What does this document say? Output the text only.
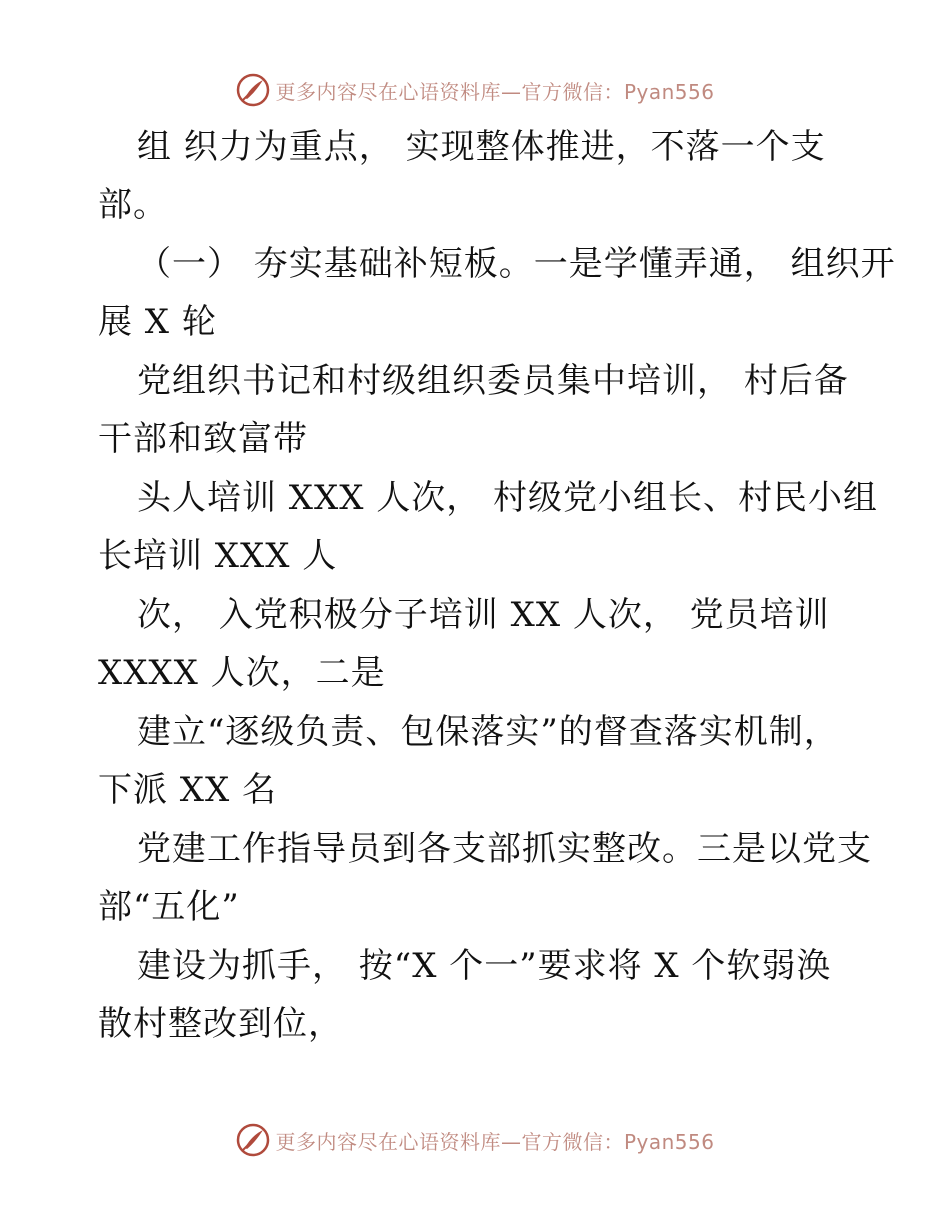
更多内容尽在心语资料库—官方微信：Pyan556
组 织力为重点， 实现整体推进，不落一个支
部。
（一） 夯实基础补短板。一是学懂弄通， 组织开
展 X 轮
党组织书记和村级组织委员集中培训， 村后备
干部和致富带
头人培训 XXX 人次， 村级党小组长、村民小组
长培训 XXX 人
次， 入党积极分子培训 XX 人次， 党员培训
XXXX 人次，二是
建立“逐级负责、包保落实”的督查落实机制，
下派 XX 名
党建工作指导员到各支部抓实整改。三是以党支
部“五化”
建设为抓手， 按“X 个一”要求将 X 个软弱涣
散村整改到位，
更多内容尽在心语资料库—官方微信：Pyan556
